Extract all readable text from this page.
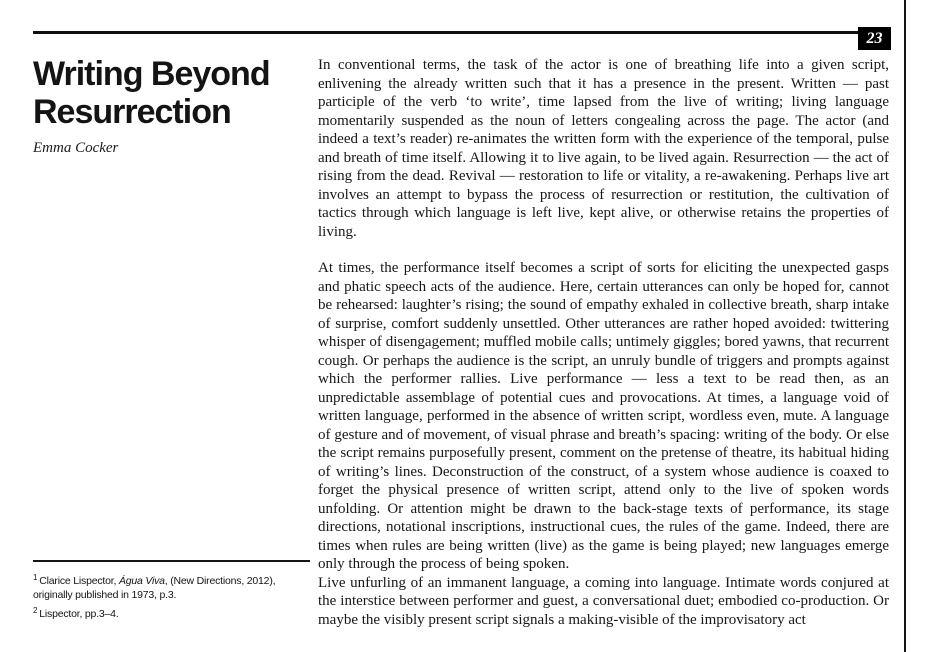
23
Writing Beyond
Resurrection
Emma Cocker

In conventional terms, the task of the actor is one of breathing life into a given script, enlivening the already written such that it has a presence in the present. Written — past participle of the verb ‘to write’, time lapsed from the live of writing; living language momentarily suspended as the noun of letters congealing across the page. The actor (and indeed a text’s reader) re-animates the written form with the experience of the temporal, pulse and breath of time itself. Allowing it to live again, to be lived again. Resurrection — the act of rising from the dead. Revival — restoration to life or vitality, a re-awakening. Perhaps live art involves an attempt to bypass the process of resurrection or restitution, the cultivation of tactics through which language is left live, kept alive, or otherwise retains the properties of living.

At times, the performance itself becomes a script of sorts for eliciting the unexpected gasps and phatic speech acts of the audience. Here, certain utterances can only be hoped for, cannot be rehearsed: laughter’s rising; the sound of empathy exhaled in collective breath, sharp intake of surprise, comfort suddenly unsettled. Other utterances are rather hoped avoided: twittering whisper of disengagement; muffled mobile calls; untimely giggles; bored yawns, that recurrent cough. Or perhaps the audience is the script, an unruly bundle of triggers and prompts against which the performer rallies. Live performance — less a text to be read then, as an unpredictable assemblage of potential cues and provocations. At times, a language void of written language, performed in the absence of written script, wordless even, mute. A language of gesture and of movement, of visual phrase and breath’s spacing: writing of the body. Or else the script remains purposefully present, comment on the pretense of theatre, its habitual hiding of writing’s lines. Deconstruction of the construct, of a system whose audience is coaxed to forget the physical presence of written script, attend only to the live of spoken words unfolding. Or attention might be drawn to the back-stage texts of performance, its stage directions, notational inscriptions, instructional cues, the rules of the game. Indeed, there are times when rules are being written (live) as the game is being played; new languages emerge only through the process of being spoken.

Live unfurling of an immanent language, a coming into language. Intimate words conjured at the interstice between performer and guest, a conversational duet; embodied co-production. Or maybe the visibly present script signals a making-visible of the improvisatory act

$^1$ Clarice Lispector, Água Viva, (New Directions, 2012), originally published in 1973, p.3.
$^2$ Lispector, pp.3–4.
